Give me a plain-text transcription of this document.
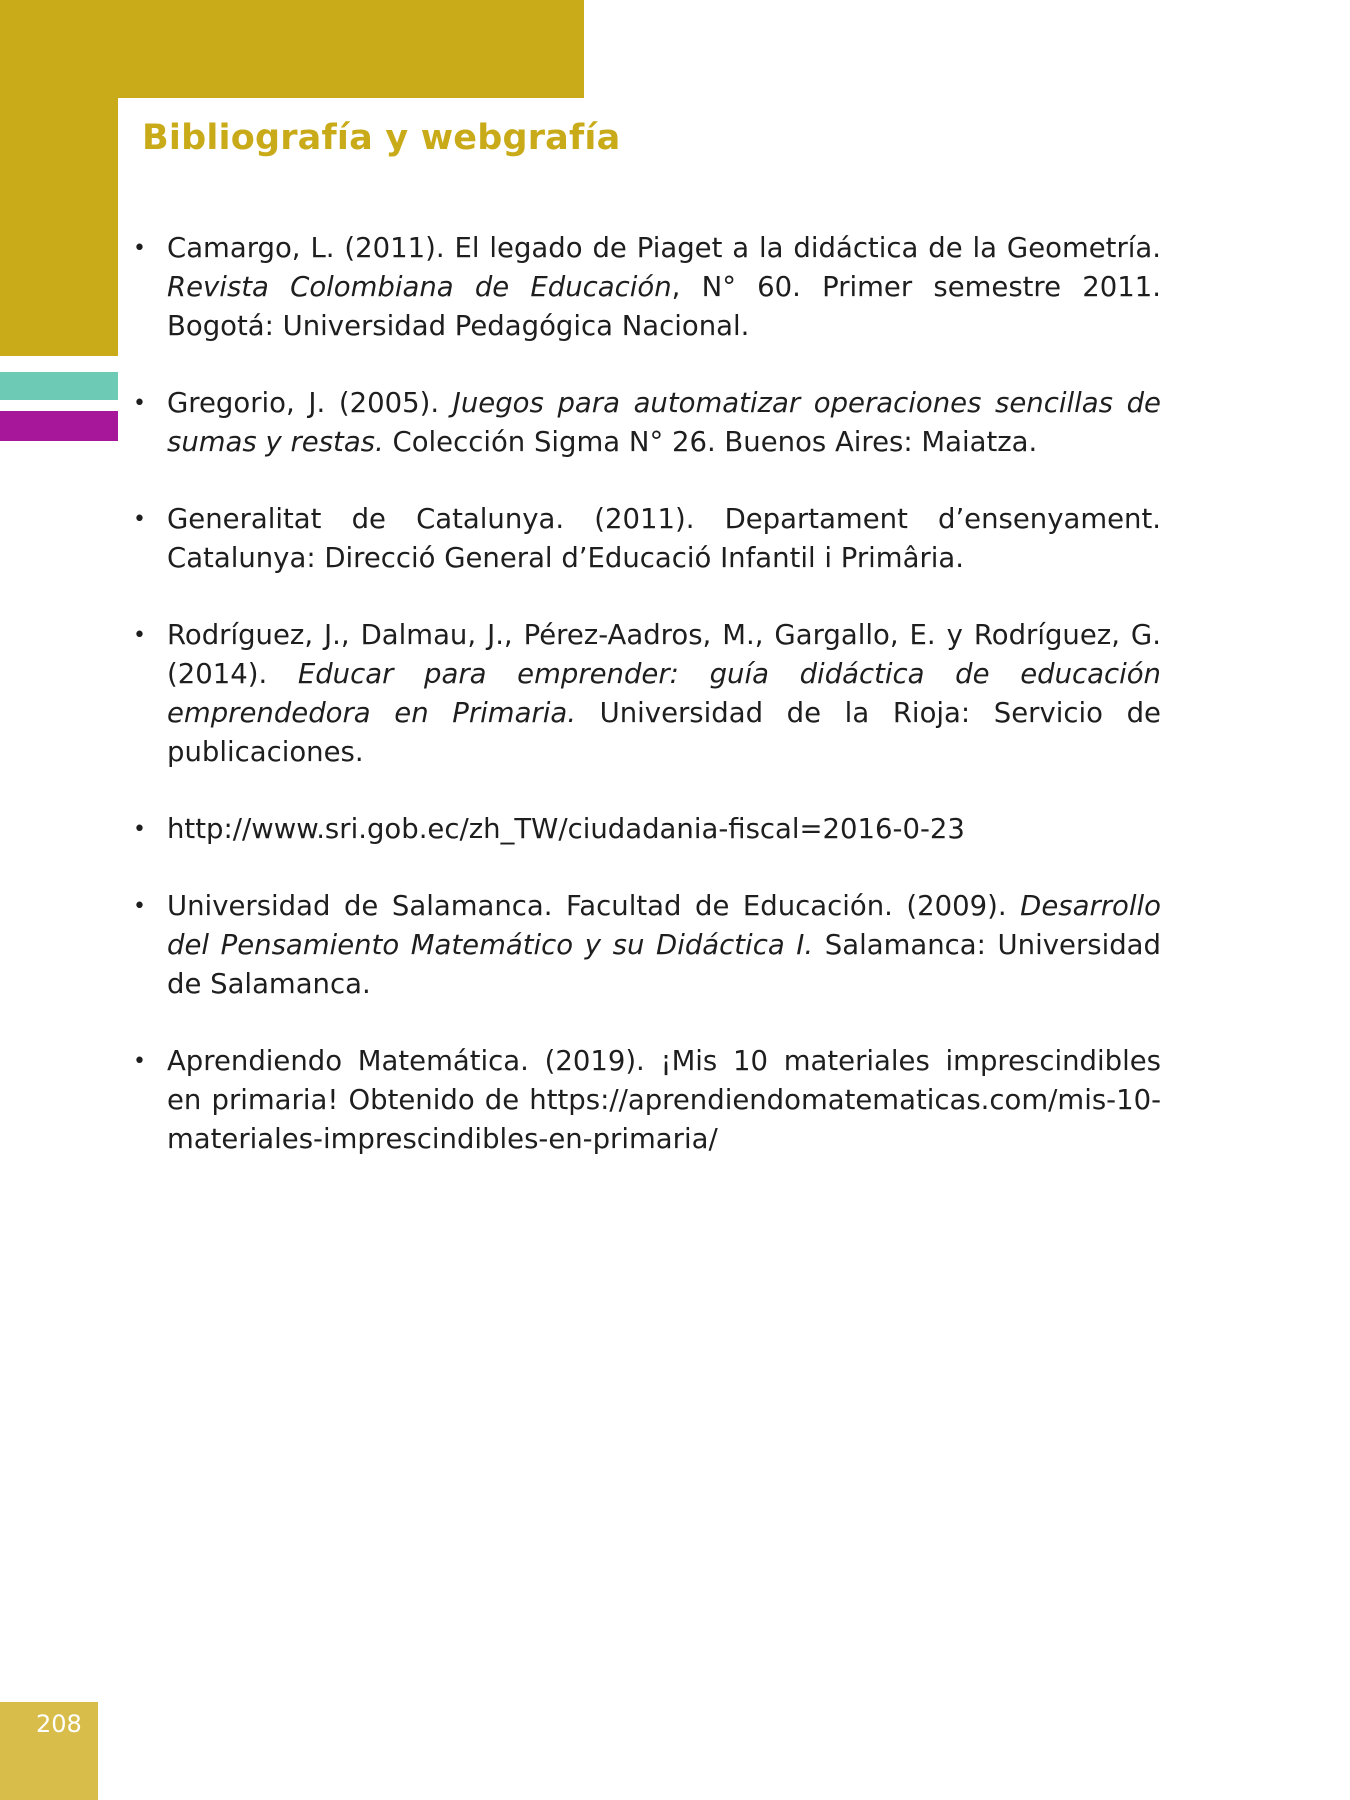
Bibliografía y webgrafía
• Camargo, L. (2011). El legado de Piaget a la didáctica de la Geometría. Revista Colombiana de Educación, N° 60. Primer semestre 2011. Bogotá: Universidad Pedagógica Nacional.
• Gregorio, J. (2005). Juegos para automatizar operaciones sencillas de sumas y restas. Colección Sigma N° 26. Buenos Aires: Maiatza.
• Generalitat de Catalunya. (2011). Departament d’ensenyament. Catalunya: Direcció General d’Educació Infantil i Primâria.
• Rodríguez, J., Dalmau, J., Pérez-Aadros, M., Gargallo, E. y Rodríguez, G. (2014). Educar para emprender: guía didáctica de educación emprendedora en Primaria. Universidad de la Rioja: Servicio de publicaciones.
• http://www.sri.gob.ec/zh_TW/ciudadania-fiscal=2016-0-23
• Universidad de Salamanca. Facultad de Educación. (2009). Desarrollo del Pensamiento Matemático y su Didáctica I. Salamanca: Universidad de Salamanca.
• Aprendiendo Matemática. (2019). ¡Mis 10 materiales imprescindibles en primaria! Obtenido de https://aprendiendomatematicas.com/mis-10-materiales-imprescindibles-en-primaria/
208
